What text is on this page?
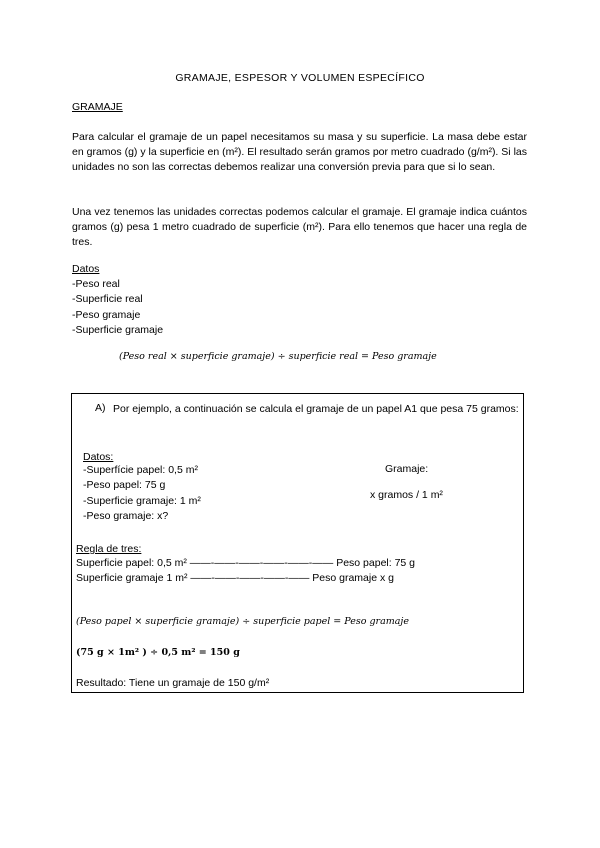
GRAMAJE, ESPESOR Y VOLUMEN ESPECÍFICO
GRAMAJE
Para calcular el gramaje de un papel necesitamos su masa y su superficie. La masa debe estar en gramos (g) y la superficie en (m²). El resultado serán gramos por metro cuadrado (g/m²). Si las unidades no son las correctas debemos realizar una conversión previa para que si lo sean.
Una vez tenemos las unidades correctas podemos calcular el gramaje. El gramaje indica cuántos gramos (g) pesa 1 metro cuadrado de superficie (m²). Para ello tenemos que hacer una regla de tres.
Datos
-Peso real
-Superficie real
-Peso gramaje
-Superficie gramaje
(Peso real × superficie gramaje) ÷ superficie real = Peso gramaje
A) Por ejemplo, a continuación se calcula el gramaje de un papel A1 que pesa 75 gramos:
Datos:
-Superfície papel: 0,5 m²
-Peso papel: 75 g
-Superficie gramaje: 1 m²
-Peso gramaje: x?
Gramaje:
x gramos / 1 m²
Regla de tres:
Superficie papel: 0,5 m² ——-——-——-——-——-—— Peso papel: 75 g
Superficie gramaje 1 m² ——-——-——-——-—— Peso gramaje x g
(Peso papel × superficie gramaje) ÷ superficie papel = Peso gramaje
(75 g × 1m² ) ÷ 0,5 m² = 150 g
Resultado: Tiene un gramaje de 150 g/m²
